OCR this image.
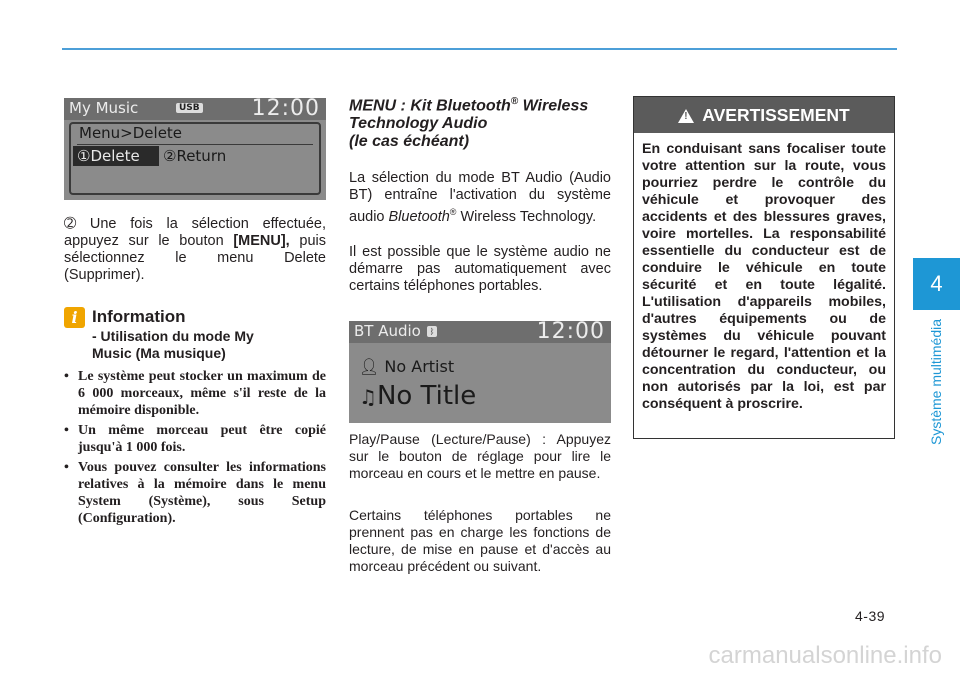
My Music	USB 12:00
Menu>Delete
①Delete	②Return
➁ Une fois la sélection effectuée, appuyez sur le bouton [MENU], puis sélectionnez le menu Delete (Supprimer).
i Information
- Utilisation du mode My Music (Ma musique)
• Le système peut stocker un maximum de 6 000 morceaux, même s'il reste de la mémoire disponible.
• Un même morceau peut être copié jusqu'à 1 000 fois.
• Vous pouvez consulter les informations relatives à la mémoire dans le menu System (Système), sous Setup (Configuration).
MENU : Kit Bluetooth® Wireless Technology Audio
(le cas échéant)
La sélection du mode BT Audio (Audio BT) entraîne l'activation du système audio Bluetooth® Wireless Technology.
Il est possible que le système audio ne démarre pas automatiquement avec certains téléphones portables.
BT Audio	ᛒ	12:00
👤︎ No Artist
♫No Title
Play/Pause (Lecture/Pause) : Appuyez sur le bouton de réglage pour lire le morceau en cours et le mettre en pause.
Certains téléphones portables ne prennent pas en charge les fonctions de lecture, de mise en pause et d'accès au morceau précédent ou suivant.
!AVERTISSEMENT
En conduisant sans focaliser toute votre attention sur la route, vous pourriez perdre le contrôle du véhicule et provoquer des accidents et des blessures graves, voire mortelles. La responsabilité essentielle du conducteur est de conduire le véhicule en toute sécurité et en toute légalité. L'utilisation d'appareils mobiles, d'autres équipements ou de systèmes du véhicule pouvant détourner le regard, l'attention et la concentration du conducteur, ou non autorisés par la loi, est par conséquent à proscrire.
4
Système multimédia
4-39
carmanualsonline.info
